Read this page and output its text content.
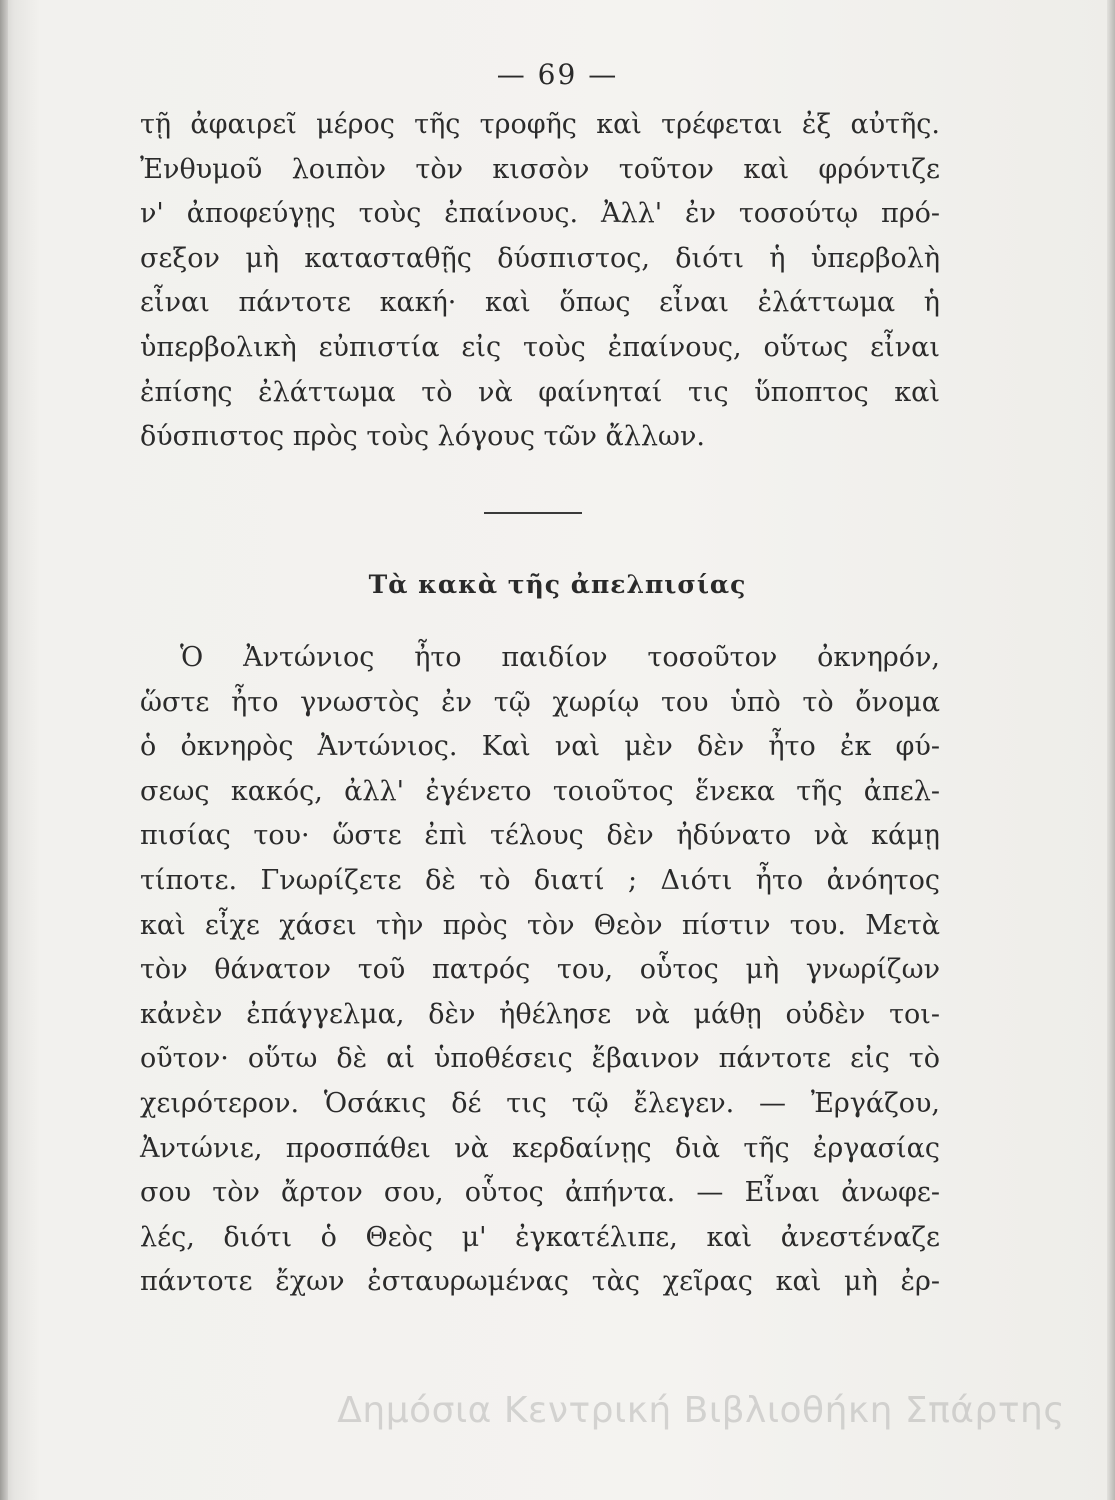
— 69 —
τῇ ἀφαιρεῖ μέρος τῆς τροφῆς καὶ τρέφεται ἐξ αὐτῆς.
Ἐνθυμοῦ λοιπὸν τὸν κισσὸν τοῦτον καὶ φρόντιζε
ν' ἀποφεύγῃς τοὺς ἐπαίνους. Ἀλλ' ἐν τοσούτῳ πρό-
σεξον μὴ κατασταθῇς δύσπιστος, διότι ἡ ὑπερβολὴ
εἶναι πάντοτε κακή· καὶ ὅπως εἶναι ἐλάττωμα ἡ
ὑπερβολικὴ εὐπιστία εἰς τοὺς ἐπαίνους, οὕτως εἶναι
ἐπίσης ἐλάττωμα τὸ νὰ φαίνηταί τις ὕποπτος καὶ
δύσπιστος πρὸς τοὺς λόγους τῶν ἄλλων.
Τὰ κακὰ τῆς ἀπελπισίας
Ὁ Ἀντώνιος ἦτο παιδίον τοσοῦτον ὀκνηρόν,
ὥστε ἦτο γνωστὸς ἐν τῷ χωρίῳ του ὑπὸ τὸ ὄνομα
ὁ ὀκνηρὸς Ἀντώνιος. Καὶ ναὶ μὲν δὲν ἦτο ἐκ φύ-
σεως κακός, ἀλλ' ἐγένετο τοιοῦτος ἕνεκα τῆς ἀπελ-
πισίας του· ὥστε ἐπὶ τέλους δὲν ἠδύνατο νὰ κάμῃ
τίποτε. Γνωρίζετε δὲ τὸ διατί ; Διότι ἦτο ἀνόητος
καὶ εἶχε χάσει τὴν πρὸς τὸν Θεὸν πίστιν του. Μετὰ
τὸν θάνατον τοῦ πατρός του, οὗτος μὴ γνωρίζων
κἀνὲν ἐπάγγελμα, δὲν ἠθέλησε νὰ μάθῃ οὐδὲν τοι-
οῦτον· οὕτω δὲ αἱ ὑποθέσεις ἔβαινον πάντοτε εἰς τὸ
χειρότερον. Ὁσάκις δέ τις τῷ ἔλεγεν. — Ἐργάζου,
Ἀντώνιε, προσπάθει νὰ κερδαίνῃς διὰ τῆς ἐργασίας
σου τὸν ἄρτον σου, οὗτος ἀπήντα. — Εἶναι ἀνωφε-
λές, διότι ὁ Θεὸς μ' ἐγκατέλιπε, καὶ ἀνεστέναζε
πάντοτε ἔχων ἐσταυρωμένας τὰς χεῖρας καὶ μὴ ἐρ-
Δημόσια Κεντρική Βιβλιοθήκη Σπάρτης
